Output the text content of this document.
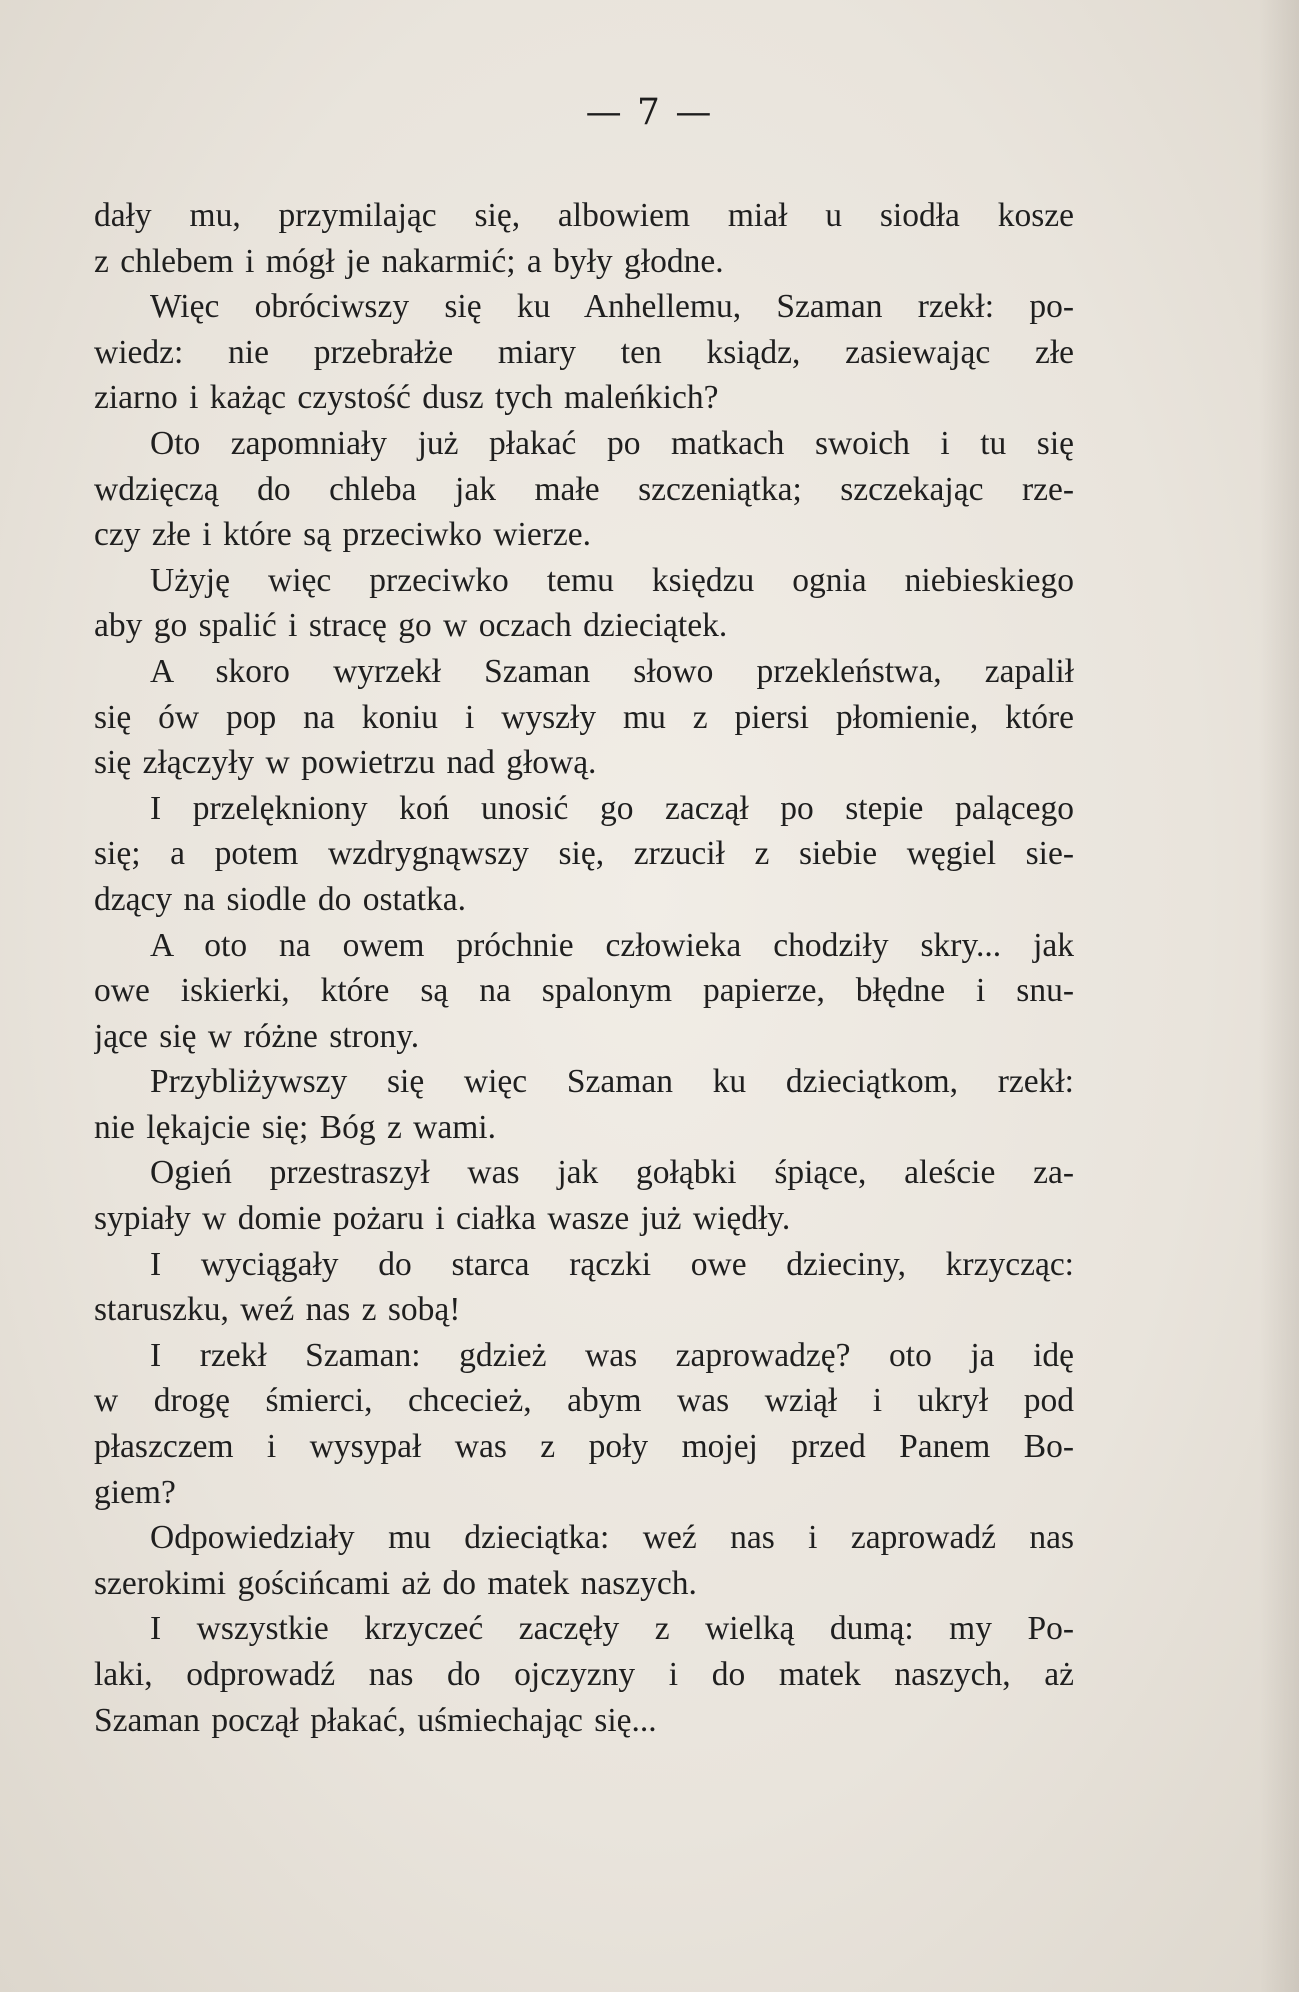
— 7 —
dały mu, przymilając się, albowiem miał u siodła kosze
z chlebem i mógł je nakarmić; a były głodne.
Więc obróciwszy się ku Anhellemu, Szaman rzekł: po-
wiedz: nie przebrałże miary ten ksiądz, zasiewając złe
ziarno i każąc czystość dusz tych maleńkich?
Oto zapomniały już płakać po matkach swoich i tu się
wdzięczą do chleba jak małe szczeniątka; szczekając rze-
czy złe i które są przeciwko wierze.
Użyję więc przeciwko temu księdzu ognia niebieskiego
aby go spalić i stracę go w oczach dzieciątek.
A skoro wyrzekł Szaman słowo przekleństwa, zapalił
się ów pop na koniu i wyszły mu z piersi płomienie, które
się złączyły w powietrzu nad głową.
I przelękniony koń unosić go zaczął po stepie palącego
się; a potem wzdrygnąwszy się, zrzucił z siebie węgiel sie-
dzący na siodle do ostatka.
A oto na owem próchnie człowieka chodziły skry... jak
owe iskierki, które są na spalonym papierze, błędne i snu-
jące się w różne strony.
Przybliżywszy się więc Szaman ku dzieciątkom, rzekł:
nie lękajcie się; Bóg z wami.
Ogień przestraszył was jak gołąbki śpiące, aleście za-
sypiały w domie pożaru i ciałka wasze już więdły.
I wyciągały do starca rączki owe dzieciny, krzycząc:
staruszku, weź nas z sobą!
I rzekł Szaman: gdzież was zaprowadzę? oto ja idę
w drogę śmierci, chcecież, abym was wziął i ukrył pod
płaszczem i wysypał was z poły mojej przed Panem Bo-
giem?
Odpowiedziały mu dzieciątka: weź nas i zaprowadź nas
szerokimi gościńcami aż do matek naszych.
I wszystkie krzyczeć zaczęły z wielką dumą: my Po-
laki, odprowadź nas do ojczyzny i do matek naszych, aż
Szaman począł płakać, uśmiechając się...
